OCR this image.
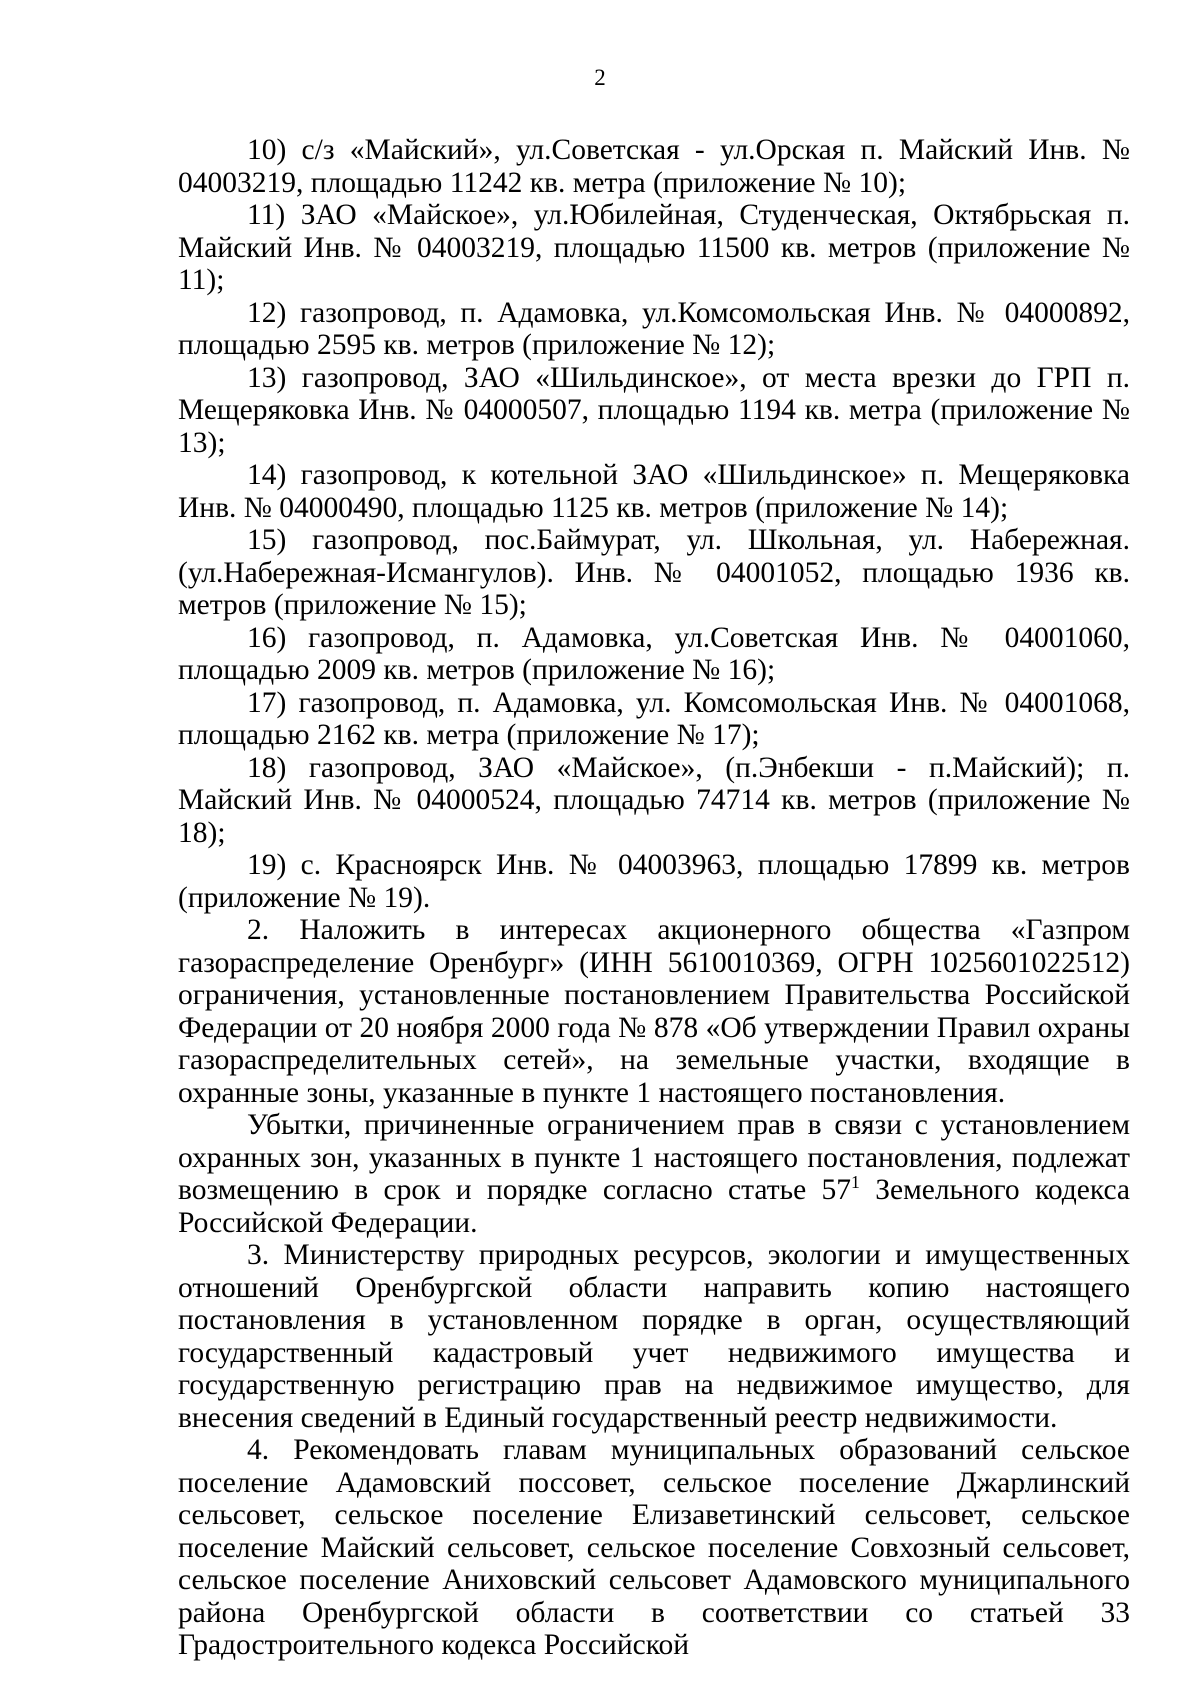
2

10) с/з «Майский», ул.Советская - ул.Орская п. Майский Инв. № 04003219, площадью 11242 кв. метра (приложение № 10);

11) ЗАО «Майское», ул.Юбилейная, Студенческая, Октябрьская п. Майский Инв. № 04003219, площадью 11500 кв. метров (приложение № 11);

12) газопровод, п. Адамовка, ул.Комсомольская Инв. № 04000892, площадью 2595 кв. метров (приложение № 12);

13) газопровод, ЗАО «Шильдинское», от места врезки до ГРП п. Мещеряковка Инв. № 04000507, площадью 1194 кв. метра (приложение № 13);

14) газопровод, к котельной ЗАО «Шильдинское» п. Мещеряковка Инв. № 04000490, площадью 1125 кв. метров (приложение № 14);

15) газопровод, пос.Баймурат, ул. Школьная, ул. Набережная. (ул.Набережная-Исмангулов). Инв. № 04001052, площадью 1936 кв. метров (приложение № 15);

16) газопровод, п. Адамовка, ул.Советская Инв. № 04001060, площадью 2009 кв. метров (приложение № 16);

17) газопровод, п. Адамовка, ул. Комсомольская Инв. № 04001068, площадью 2162 кв. метра (приложение № 17);

18) газопровод, ЗАО «Майское», (п.Энбекши - п.Майский); п. Майский Инв. № 04000524, площадью 74714 кв. метров (приложение № 18);

19) с. Красноярск Инв. № 04003963, площадью 17899 кв. метров (приложение № 19).

2. Наложить в интересах акционерного общества «Газпром газораспределение Оренбург» (ИНН 5610010369, ОГРН 1025601022512) ограничения, установленные постановлением Правительства Российской Федерации от 20 ноября 2000 года № 878 «Об утверждении Правил охраны газораспределительных сетей», на земельные участки, входящие в охранные зоны, указанные в пункте 1 настоящего постановления.

Убытки, причиненные ограничением прав в связи с установлением охранных зон, указанных в пункте 1 настоящего постановления, подлежат возмещению в срок и порядке согласно статье $57^1$ Земельного кодекса Российской Федерации.

3. Министерству природных ресурсов, экологии и имущественных отношений Оренбургской области направить копию настоящего постановления в установленном порядке в орган, осуществляющий государственный кадастровый учет недвижимого имущества и государственную регистрацию прав на недвижимое имущество, для внесения сведений в Единый государственный реестр недвижимости.

4. Рекомендовать главам муниципальных образований сельское поселение Адамовский поссовет, сельское поселение Джарлинский сельсовет, сельское поселение Елизаветинский сельсовет, сельское поселение Майский сельсовет, сельское поселение Совхозный сельсовет, сельское поселение Аниховский сельсовет Адамовского муниципального района Оренбургской области в соответствии со статьей 33 Градостроительного кодекса Российской
